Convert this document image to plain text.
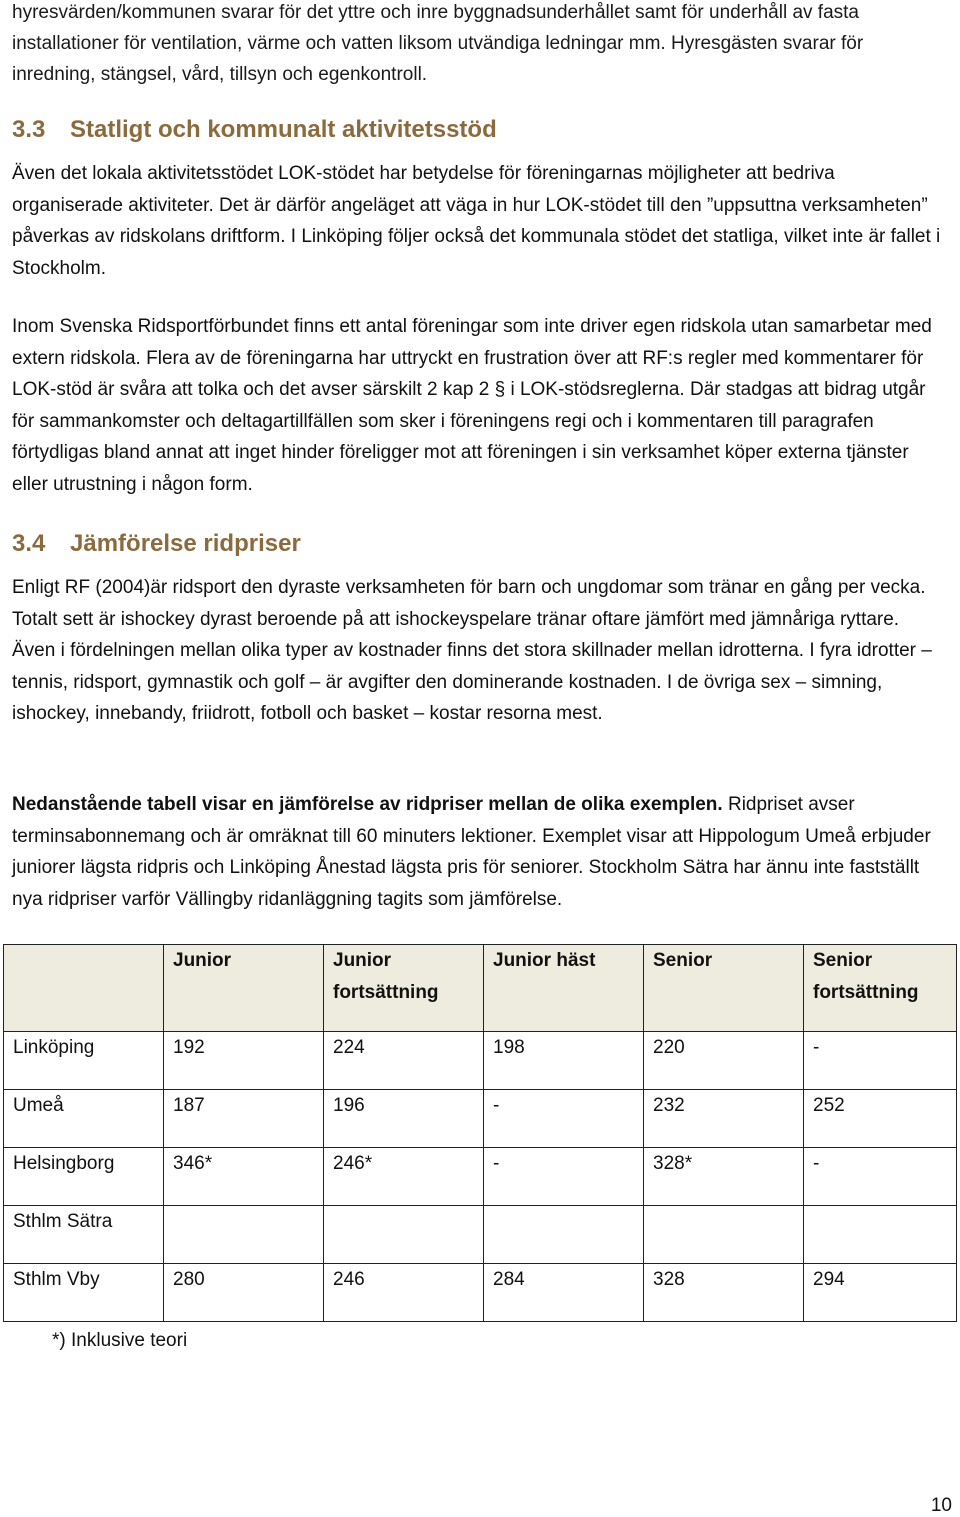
hyresvärden/kommunen svarar för det yttre och inre byggnadsunderhållet samt för underhåll av fasta installationer för ventilation, värme och vatten liksom utvändiga ledningar mm. Hyresgästen svarar för inredning, stängsel, vård, tillsyn och egenkontroll.

3.3 Statligt och kommunalt aktivitetsstöd

Även det lokala aktivitetsstödet LOK-stödet har betydelse för föreningarnas möjligheter att bedriva organiserade aktiviteter. Det är därför angeläget att väga in hur LOK-stödet till den ”uppsuttna verksamheten” påverkas av ridskolans driftform. I Linköping följer också det kommunala stödet det statliga, vilket inte är fallet i Stockholm.

Inom Svenska Ridsportförbundet finns ett antal föreningar som inte driver egen ridskola utan samarbetar med extern ridskola. Flera av de föreningarna har uttryckt en frustration över att RF:s regler med kommentarer för LOK-stöd är svåra att tolka och det avser särskilt 2 kap 2 § i LOK-stödsreglerna. Där stadgas att bidrag utgår för sammankomster och deltagartillfällen som sker i föreningens regi och i kommentaren till paragrafen förtydligas bland annat att inget hinder föreligger mot att föreningen i sin verksamhet köper externa tjänster eller utrustning i någon form.

3.4 Jämförelse ridpriser

Enligt RF (2004)är ridsport den dyraste verksamheten för barn och ungdomar som tränar en gång per vecka. Totalt sett är ishockey dyrast beroende på att ishockeyspelare tränar oftare jämfört med jämnåriga ryttare. Även i fördelningen mellan olika typer av kostnader finns det stora skillnader mellan idrotterna. I fyra idrotter – tennis, ridsport, gymnastik och golf – är avgifter den dominerande kostnaden. I de övriga sex – simning, ishockey, innebandy, friidrott, fotboll och basket – kostar resorna mest.

Nedanstående tabell visar en jämförelse av ridpriser mellan de olika exemplen. Ridpriset avser terminsabonnemang och är omräknat till 60 minuters lektioner. Exemplet visar att Hippologum Umeå erbjuder juniorer lägsta ridpris och Linköping Ånestad lägsta pris för seniorer. Stockholm Sätra har ännu inte fastställt nya ridpriser varför Vällingby ridanläggning tagits som jämförelse.

	Junior	Junior fortsättning	Junior häst	Senior	Senior fortsättning
Linköping	192	224	198	220	-
Umeå	187	196	-	232	252
Helsingborg	346*	246*	-	328*	-
Sthlm Sätra					
Sthlm Vby	280	246	284	328	294
*) Inklusive teori
10
